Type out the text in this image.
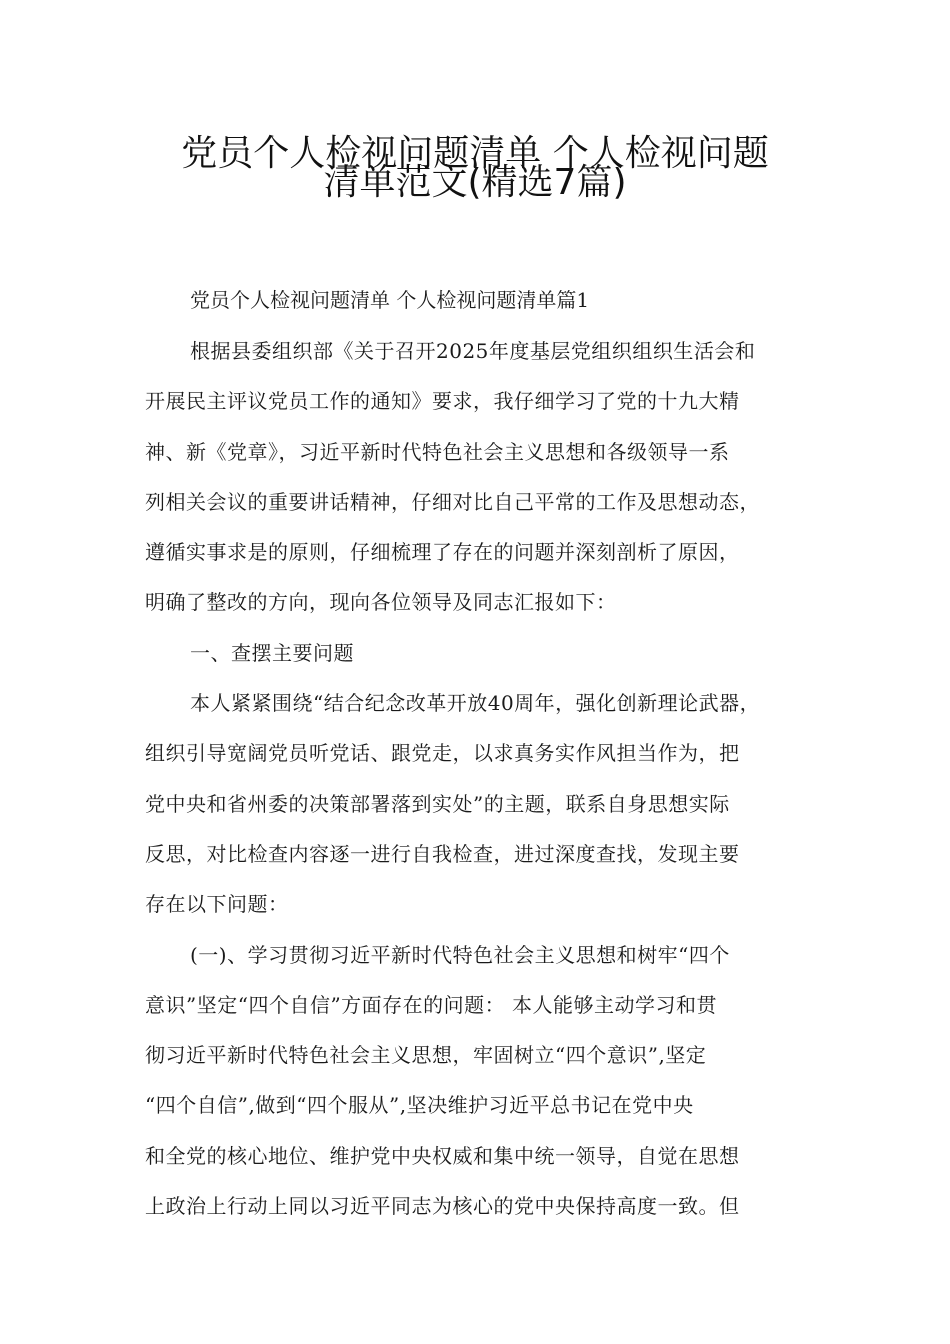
党员个人检视问题清单 个人检视问题
清单范文(精选7篇)
党员个人检视问题清单 个人检视问题清单篇1
根据县委组织部《关于召开2025年度基层党组织组织生活会和
开展民主评议党员工作的通知》要求，我仔细学习了党的十九大精
神、新《党章》，习近平新时代特色社会主义思想和各级领导一系
列相关会议的重要讲话精神，仔细对比自己平常的工作及思想动态，
遵循实事求是的原则，仔细梳理了存在的问题并深刻剖析了原因，
明确了整改的方向，现向各位领导及同志汇报如下：
一、查摆主要问题
本人紧紧围绕“结合纪念改革开放40周年，强化创新理论武器，
组织引导宽阔党员听党话、跟党走，以求真务实作风担当作为，把
党中央和省州委的决策部署落到实处”的主题，联系自身思想实际
反思，对比检查内容逐一进行自我检查，进过深度查找，发现主要
存在以下问题：
(一)、学习贯彻习近平新时代特色社会主义思想和树牢“四个
意识”坚定“四个自信”方面存在的问题： 本人能够主动学习和贯
彻习近平新时代特色社会主义思想，牢固树立“四个意识”,坚定
“四个自信”,做到“四个服从”,坚决维护习近平总书记在党中央
和全党的核心地位、维护党中央权威和集中统一领导，自觉在思想
上政治上行动上同以习近平同志为核心的党中央保持高度一致。但
